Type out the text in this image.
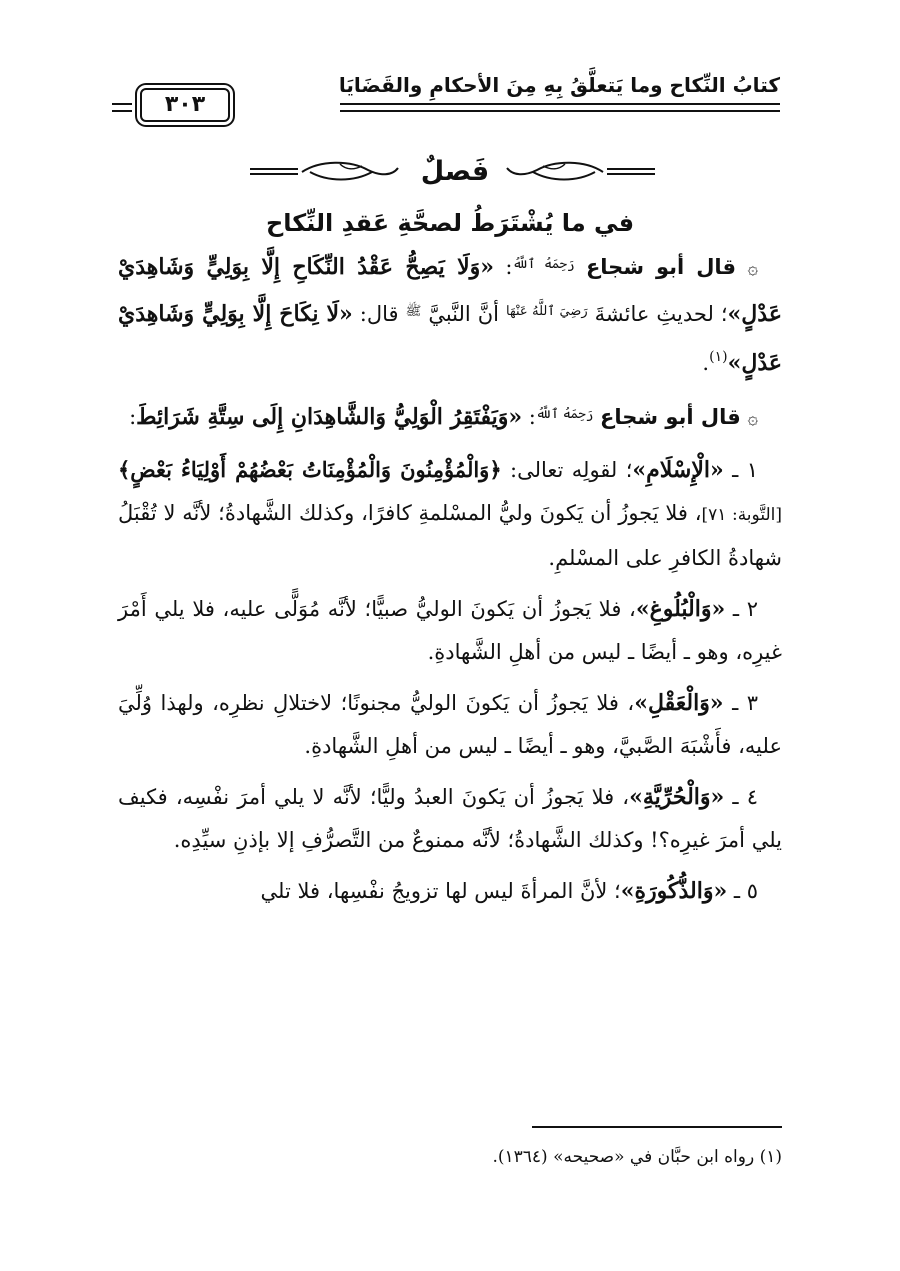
كتابُ النِّكاح وما يَتعلَّقُ بِهِ مِنَ الأحكامِ والقَضَايَا
٣٠٣
فَصلٌ
في ما يُشْتَرَطُ لصحَّةِ عَقدِ النِّكاح

۞ قال أبو شجاع $^{رَحِمَهُ ٱللَّهُ}$: «وَلَا يَصِحُّ عَقْدُ النِّكَاحِ إِلَّا بِوَلِيٍّ وَشَاهِدَيْ عَدْلٍ»؛ لحديثِ عائشةَ $^{رَضِيَ ٱللَّهُ عَنْهَا}$ أنَّ النَّبيَّ $^ﷺ$ قال: «لَا نِكَاحَ إِلَّا بِوَلِيٍّ وَشَاهِدَيْ عَدْلٍ»$^{(١)}$.

۞ قال أبو شجاع $^{رَحِمَهُ ٱللَّهُ}$: «وَيَفْتَقِرُ الْوَلِيُّ وَالشَّاهِدَانِ إِلَى سِتَّةِ شَرَائِطَ:

١ ـ «الْإِسْلَامِ»؛ لقولِه تعالى: ﴿وَالْمُؤْمِنُونَ وَالْمُؤْمِنَاتُ بَعْضُهُمْ أَوْلِيَاءُ بَعْضٍ﴾ [التَّوبة: ٧١]، فلا يَجوزُ أن يَكونَ وليُّ المسْلمةِ كافرًا، وكذلك الشَّهادةُ؛ لأنَّه لا تُقْبَلُ شهادةُ الكافرِ على المسْلمِ.

٢ ـ «وَالْبُلُوغِ»، فلا يَجوزُ أن يَكونَ الوليُّ صبيًّا؛ لأنَّه مُوَلًّى عليه، فلا يلي أَمْرَ غيرِه، وهو ـ أيضًا ـ ليس من أهلِ الشَّهادةِ.

٣ ـ «وَالْعَقْلِ»، فلا يَجوزُ أن يَكونَ الوليُّ مجنونًا؛ لاختلالِ نظرِه، ولهذا وُلِّيَ عليه، فأَشْبَهَ الصَّبيَّ، وهو ـ أيضًا ـ ليس من أهلِ الشَّهادةِ.

٤ ـ «وَالْحُرِّيَّةِ»، فلا يَجوزُ أن يَكونَ العبدُ وليًّا؛ لأنَّه لا يلي أمرَ نفْسِه، فكيف يلي أمرَ غيرِه؟! وكذلك الشَّهادةُ؛ لأنَّه ممنوعٌ من التَّصرُّفِ إلا بإذنِ سيِّدِه.

٥ ـ «وَالذُّكُورَةِ»؛ لأنَّ المرأةَ ليس لها تزويجُ نفْسِها، فلا تلي

(١) رواه ابن حبَّان في «صحيحه» (١٣٦٤).
